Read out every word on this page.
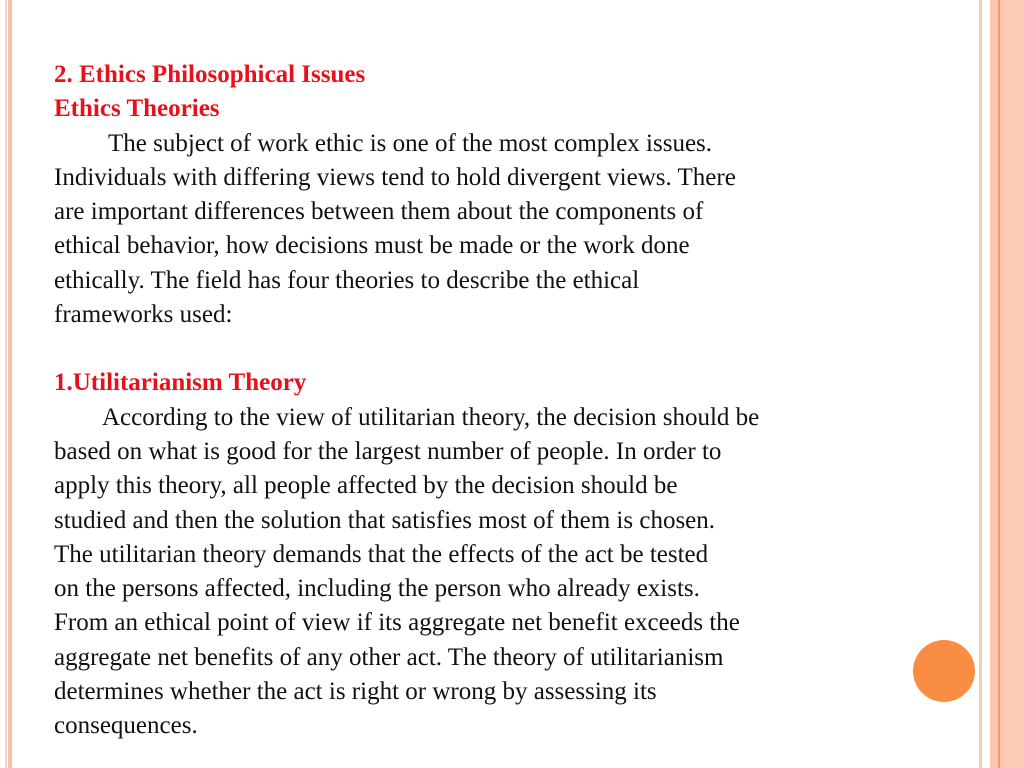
2. Ethics Philosophical Issues
Ethics Theories
The subject of work ethic is one of the most complex issues.
Individuals with differing views tend to hold divergent views. There
are important differences between them about the components of
ethical behavior, how decisions must be made or the work done
ethically. The field has four theories to describe the ethical
frameworks used:
1.Utilitarianism Theory
According to the view of utilitarian theory, the decision should be
based on what is good for the largest number of people. In order to
apply this theory, all people affected by the decision should be
studied and then the solution that satisfies most of them is chosen.
The utilitarian theory demands that the effects of the act be tested
on the persons affected, including the person who already exists.
From an ethical point of view if its aggregate net benefit exceeds the
aggregate net benefits of any other act. The theory of utilitarianism
determines whether the act is right or wrong by assessing its
consequences.
